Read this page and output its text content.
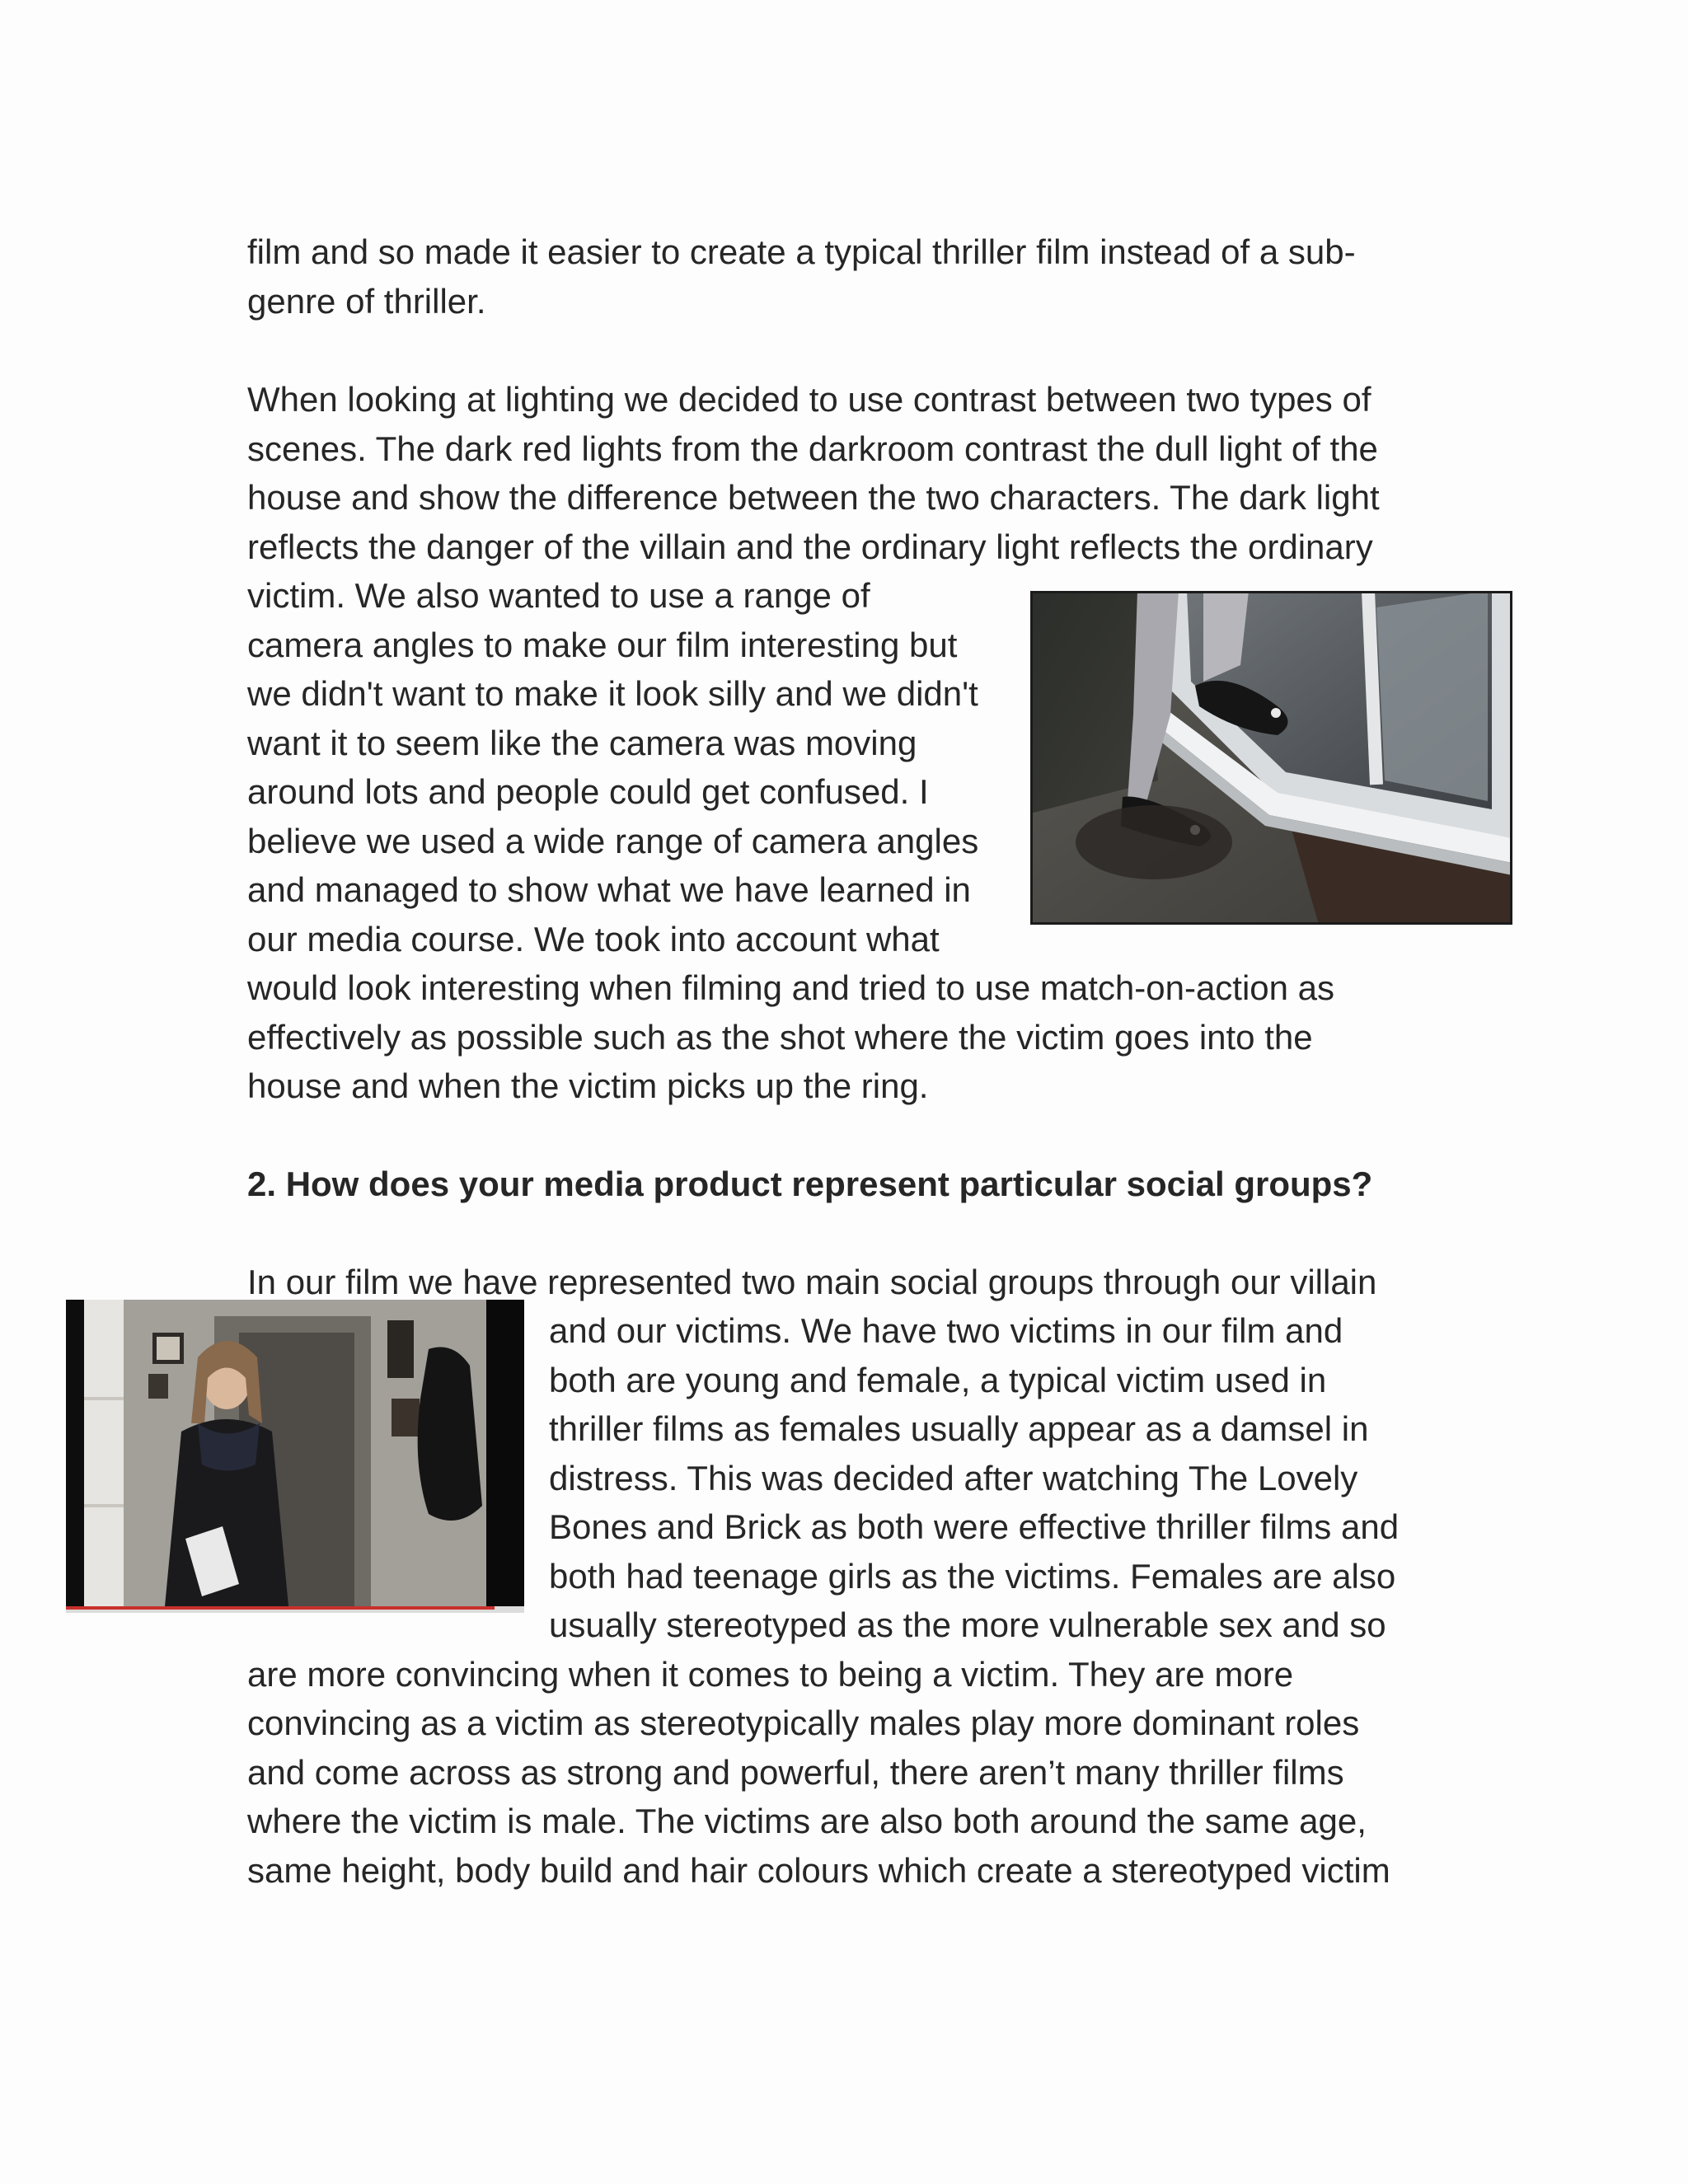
film and so made it easier to create a typical thriller film instead of a sub-
genre of thriller.
When looking at lighting we decided to use contrast between two types of
scenes. The dark red lights from the darkroom contrast the dull light of the
house and show the difference between the two characters. The dark light
reflects the danger of the villain and the ordinary light reflects the ordinary
victim. We also wanted to use a range of
camera angles to make our film interesting but
we didn't want to make it look silly and we didn't
want it to seem like the camera was moving
around lots and people could get confused. I
believe we used a wide range of camera angles
and managed to show what we have learned in
our media course. We took into account what
would look interesting when filming and tried to use match-on-action as
effectively as possible such as the shot where the victim goes into the
house and when the victim picks up the ring.
2. How does your media product represent particular social groups?
In our film we have represented two main social groups through our villain
and our victims. We have two victims in our film and
both are young and female, a typical victim used in
thriller films as females usually appear as a damsel in
distress. This was decided after watching The Lovely
Bones and Brick as both were effective thriller films and
both had teenage girls as the victims. Females are also
usually stereotyped as the more vulnerable sex and so
are more convincing when it comes to being a victim. They are more
convincing as a victim as stereotypically males play more dominant roles
and come across as strong and powerful, there aren’t many thriller films
where the victim is male. The victims are also both around the same age,
same height, body build and hair colours which create a stereotyped victim
